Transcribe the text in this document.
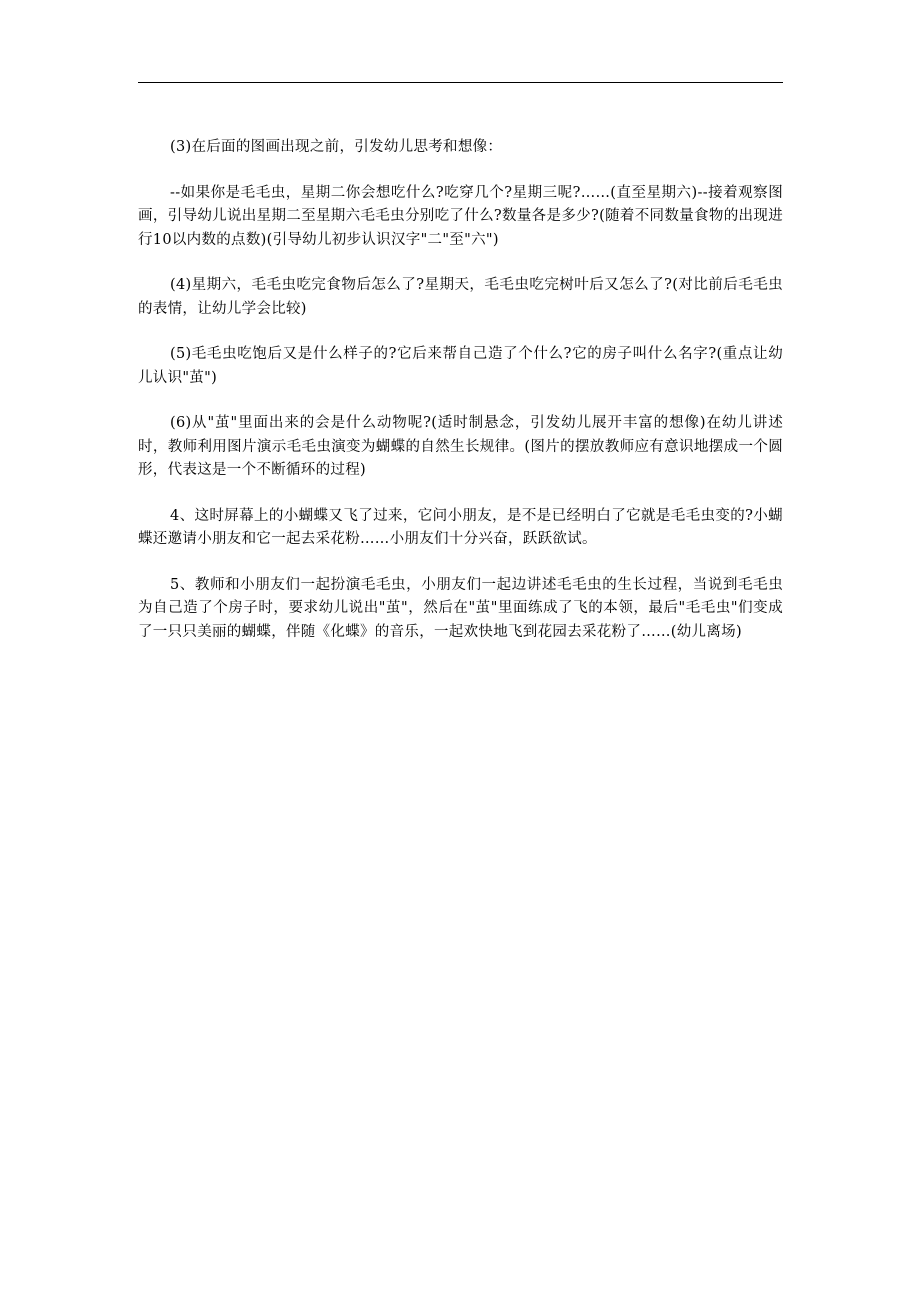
(3)在后面的图画出现之前，引发幼儿思考和想像：

--如果你是毛毛虫，星期二你会想吃什么?吃穿几个?星期三呢?……(直至星期六)--接着观察图画，引导幼儿说出星期二至星期六毛毛虫分别吃了什么?数量各是多少?(随着不同数量食物的出现进行10以内数的点数)(引导幼儿初步认识汉字"二"至"六")

(4)星期六，毛毛虫吃完食物后怎么了?星期天，毛毛虫吃完树叶后又怎么了?(对比前后毛毛虫的表情，让幼儿学会比较)

(5)毛毛虫吃饱后又是什么样子的?它后来帮自己造了个什么?它的房子叫什么名字?(重点让幼儿认识"茧")

(6)从"茧"里面出来的会是什么动物呢?(适时制悬念，引发幼儿展开丰富的想像)在幼儿讲述时，教师利用图片演示毛毛虫演变为蝴蝶的自然生长规律。(图片的摆放教师应有意识地摆成一个圆形，代表这是一个不断循环的过程)

4、这时屏幕上的小蝴蝶又飞了过来，它问小朋友，是不是已经明白了它就是毛毛虫变的?小蝴蝶还邀请小朋友和它一起去采花粉……小朋友们十分兴奋，跃跃欲试。

5、教师和小朋友们一起扮演毛毛虫，小朋友们一起边讲述毛毛虫的生长过程，当说到毛毛虫为自己造了个房子时，要求幼儿说出"茧"，然后在"茧"里面练成了飞的本领，最后"毛毛虫"们变成了一只只美丽的蝴蝶，伴随《化蝶》的音乐，一起欢快地飞到花园去采花粉了……(幼儿离场)
